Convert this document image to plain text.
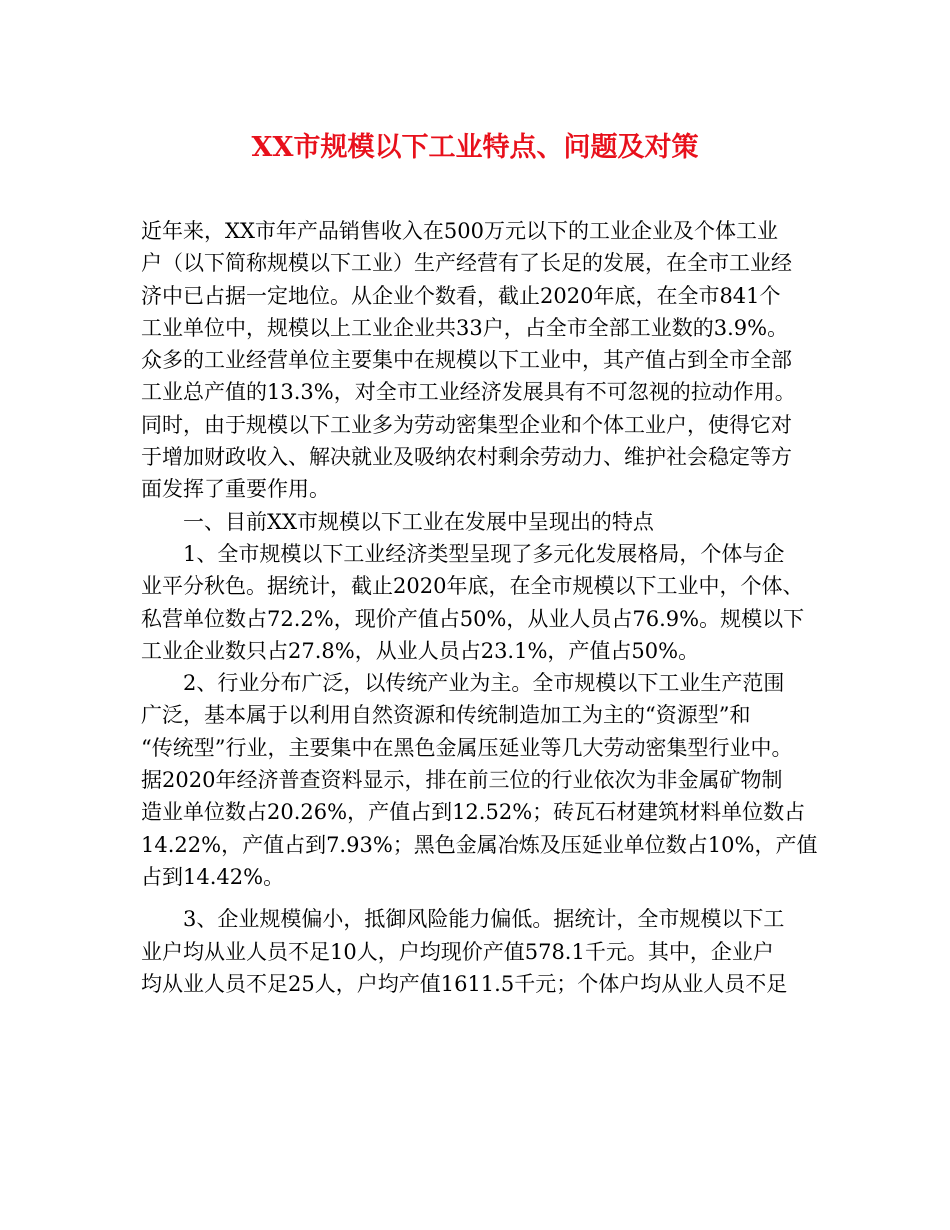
XX市规模以下工业特点、问题及对策
近年来，XX市年产品销售收入在500万元以下的工业企业及个体工业
户（以下简称规模以下工业）生产经营有了长足的发展，在全市工业经
济中已占据一定地位。从企业个数看，截止2020年底，在全市841个
工业单位中，规模以上工业企业共33户，占全市全部工业数的3.9%。
众多的工业经营单位主要集中在规模以下工业中，其产值占到全市全部
工业总产值的13.3%，对全市工业经济发展具有不可忽视的拉动作用。
同时，由于规模以下工业多为劳动密集型企业和个体工业户，使得它对
于增加财政收入、解决就业及吸纳农村剩余劳动力、维护社会稳定等方
面发挥了重要作用。
一、目前XX市规模以下工业在发展中呈现出的特点
1、全市规模以下工业经济类型呈现了多元化发展格局，个体与企
业平分秋色。据统计，截止2020年底，在全市规模以下工业中，个体、
私营单位数占72.2%，现价产值占50%，从业人员占76.9%。规模以下
工业企业数只占27.8%，从业人员占23.1%，产值占50%。
2、行业分布广泛，以传统产业为主。全市规模以下工业生产范围
广泛，基本属于以利用自然资源和传统制造加工为主的“资源型”和
“传统型”行业，主要集中在黑色金属压延业等几大劳动密集型行业中。
据2020年经济普查资料显示，排在前三位的行业依次为非金属矿物制
造业单位数占20.26%，产值占到12.52%；砖瓦石材建筑材料单位数占
14.22%，产值占到7.93%；黑色金属冶炼及压延业单位数占10%，产值
占到14.42%。
3、企业规模偏小，抵御风险能力偏低。据统计，全市规模以下工
业户均从业人员不足10人，户均现价产值578.1千元。其中，企业户
均从业人员不足25人，户均产值1611.5千元；个体户均从业人员不足
